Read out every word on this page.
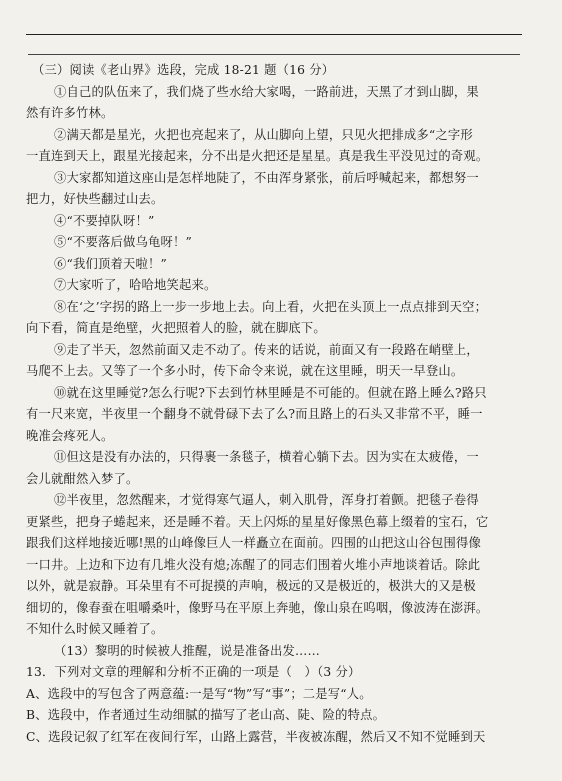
（三）阅读《老山界》选段，完成 18-21 题（16 分）
①自己的队伍来了，我们烧了些水给大家喝，一路前进，天黑了才到山脚，果
然有许多竹林。
②满天都是星光，火把也亮起来了，从山脚向上望，只见火把排成多“之字形
一直连到天上，跟星光接起来，分不出是火把还是星星。真是我生平没见过的奇观。
③大家都知道这座山是怎样地陡了，不由浑身紧张，前后呼喊起来，都想努一
把力，好快些翻过山去。
④“不要掉队呀！”
⑤“不要落后做乌龟呀！”
⑥“我们顶着天啦！”
⑦大家听了，哈哈地笑起来。
⑧在‘之’字拐的路上一步一步地上去。向上看，火把在头顶上一点点排到天空；
向下看，简直是绝壁，火把照着人的脸，就在脚底下。
⑨走了半天，忽然前面又走不动了。传来的话说，前面又有一段路在峭壁上，
马爬不上去。又等了一个多小时，传下命令来说，就在这里睡，明天一早登山。
⑩就在这里睡觉?怎么行呢?下去到竹林里睡是不可能的。但就在路上睡么?路只
有一尺来宽，半夜里一个翻身不就骨碌下去了么?而且路上的石头又非常不平，睡一
晚准会疼死人。
⑪但这是没有办法的，只得裹一条毯子，横着心躺下去。因为实在太疲倦，一
会儿就酣然入梦了。
⑫半夜里，忽然醒来，才觉得寒气逼人，刺入肌骨，浑身打着颤。把毯子卷得
更紧些，把身子蜷起来，还是睡不着。天上闪烁的星星好像黑色幕上缀着的宝石，它
跟我们这样地接近哪!黑的山峰像巨人一样矗立在面前。四围的山把这山谷包围得像
一口井。上边和下边有几堆火没有熄;冻醒了的同志们围着火堆小声地谈着话。除此
以外，就是寂静。耳朵里有不可捉摸的声响，极远的又是极近的，极洪大的又是极
细切的，像春蚕在咀嚼桑叶，像野马在平原上奔驰，像山泉在呜咽，像波涛在澎湃。
不知什么时候又睡着了。
（13）黎明的时候被人推醒，说是准备出发……
13．下列对文章的理解和分析不正确的一项是（　）（3 分）
A、选段中的写包含了两意蕴:一是写“物”写“事”；二是写“人。
B、选段中，作者通过生动细腻的描写了老山高、陡、险的特点。
C、选段记叙了红军在夜间行军，山路上露营，半夜被冻醒，然后又不知不觉睡到天
